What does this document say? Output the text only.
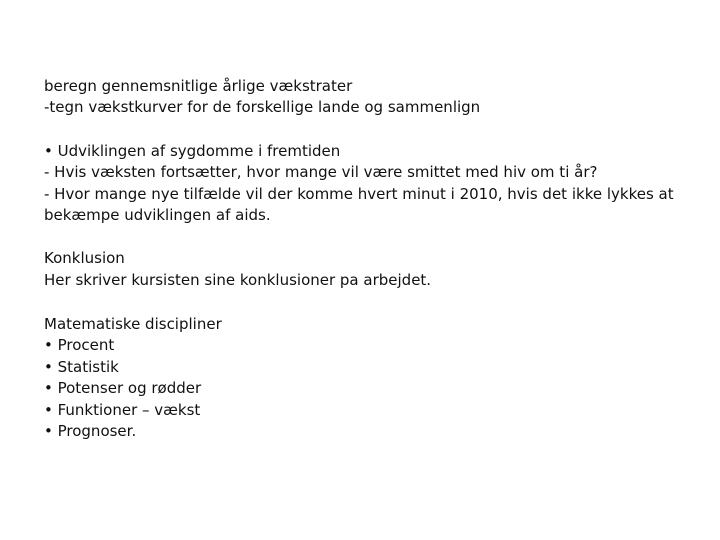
beregn gennemsnitlige årlige vækstrater

-tegn vækstkurver for de forskellige lande og sammenlign

• Udviklingen af sygdomme i fremtiden

- Hvis væksten fortsætter, hvor mange vil være smittet med hiv om ti år?

- Hvor mange nye tilfælde vil der komme hvert minut i 2010, hvis det ikke lykkes at

bekæmpe udviklingen af aids.

Konklusion

Her skriver kursisten sine konklusioner pa arbejdet.

Matematiske discipliner

• Procent

• Statistik

• Potenser og rødder

• Funktioner – vækst

• Prognoser.
